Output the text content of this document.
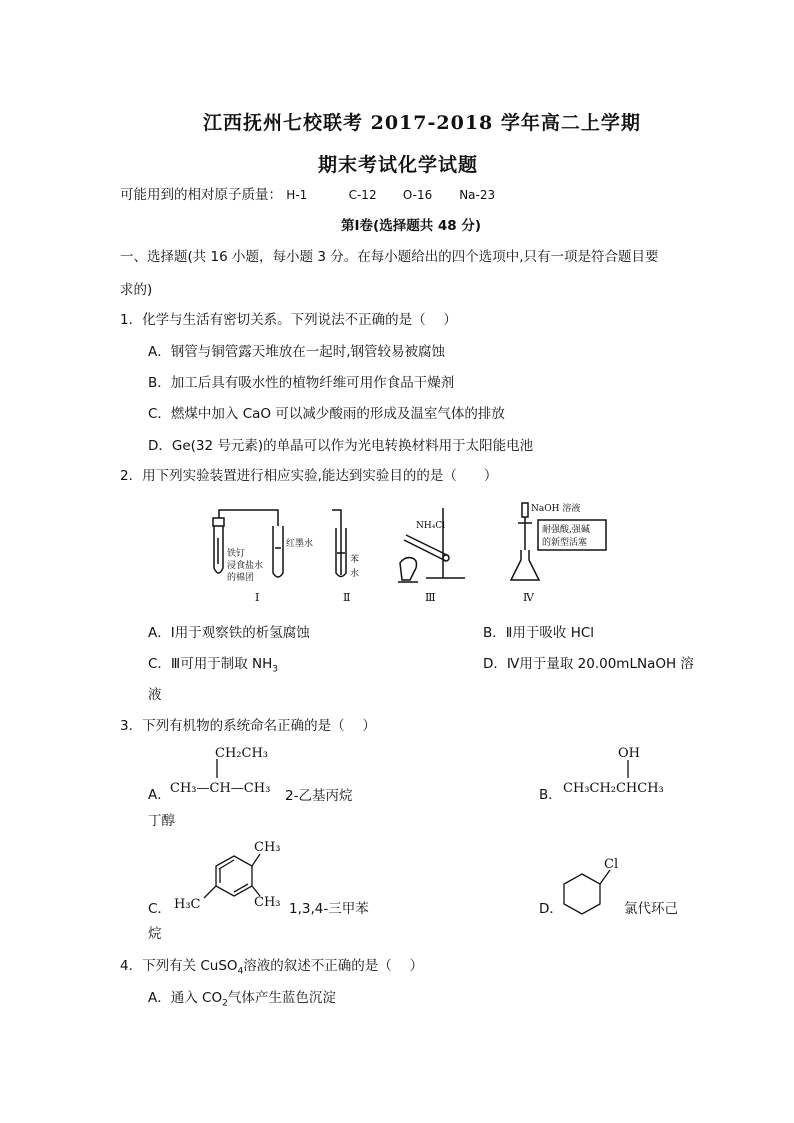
江西抚州七校联考 2017-2018 学年高二上学期
期末考试化学试题
可能用到的相对原子质量： H-1	C-12 O-16 Na-23
第Ⅰ卷(选择题共 48 分)
一、选择题(共 16 小题，每小题 3 分。在每小题给出的四个选项中,只有一项是符合题目要
求的)
1．化学与生活有密切关系。下列说法不正确的是（　 ）
A．钢管与铜管露天堆放在一起时,钢管较易被腐蚀
B．加工后具有吸水性的植物纤维可用作食品干燥剂
C．燃煤中加入 CaO 可以减少酸雨的形成及温室气体的排放
D．Ge(32 号元素)的单晶可以作为光电转换材料用于太阳能电池
2．用下列实验装置进行相应实验,能达到实验目的的是（　　）
铁钉
浸食盐水
的棉团
红墨水
苯
水
NH₄Cl
NaOH 溶液
耐强酸,强碱
的新型活塞
Ⅰ	Ⅱ	Ⅲ	Ⅳ
A．Ⅰ用于观察铁的析氢腐蚀	B．Ⅱ用于吸收 HCl
C．Ⅲ可用于制取 $NH_3$	D．Ⅳ用于量取 20.00mLNaOH 溶
液
3．下列有机物的系统命名正确的是（　 ）
A．
CH₂CH₃
CH₃—CH—CH₃ 2-乙基丙烷	B．
OH
CH₃CH₂CHCH₃
丁醇
C．
CH₃
CH₃
H₃C	1,3,4-三甲苯
烷
D．
Cl
氯代环己
4．下列有关 CuSO$_4$溶液的叙述不正确的是（　 ）
A．通入 $CO_2$气体产生蓝色沉淀
